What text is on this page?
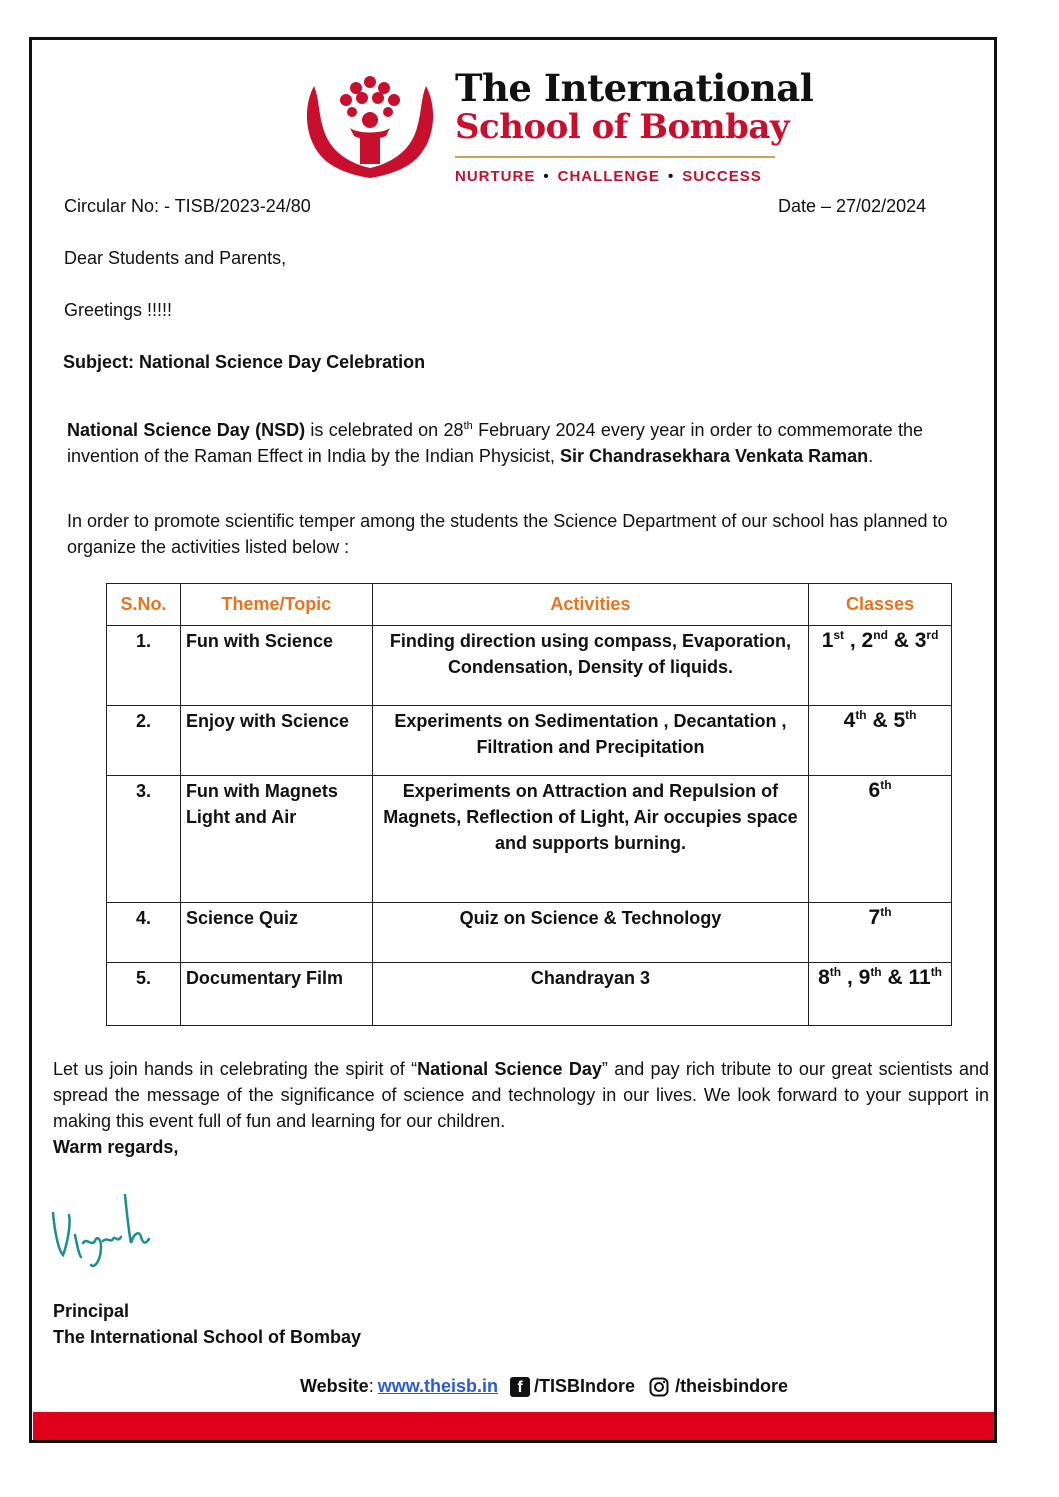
The International
School of Bombay
NURTURE • CHALLENGE • SUCCESS
Circular No: - TISB/2023-24/80	Date – 27/02/2024
Dear Students and Parents,
Greetings !!!!!
Subject: National Science Day Celebration
National Science Day (NSD) is celebrated on 28th February 2024 every year in order to commemorate the invention of the Raman Effect in India by the Indian Physicist, Sir Chandrasekhara Venkata Raman.
In order to promote scientific temper among the students the Science Department of our school has planned to organize the activities listed below :
S.No.	Theme/Topic	Activities	Classes
1.	Fun with Science	Finding direction using compass, Evaporation, Condensation, Density of liquids.	1st , 2nd & 3rd
2.	Enjoy with Science	Experiments on Sedimentation , Decantation , Filtration and Precipitation	4th & 5th
3.	Fun with Magnets Light and Air	Experiments on Attraction and Repulsion of Magnets, Reflection of Light, Air occupies space and supports burning.	6th
4.	Science Quiz	Quiz on Science & Technology	7th
5.	Documentary Film	Chandrayan 3	8th , 9th & 11th
Let us join hands in celebrating the spirit of “National Science Day” and pay rich tribute to our great scientists and spread the message of the significance of science and technology in our lives. We look forward to your support in making this event full of fun and learning for our children.
Warm regards,
Principal
The International School of Bombay
Website : www.theisb.in	f /TISBIndore /theisbindore
